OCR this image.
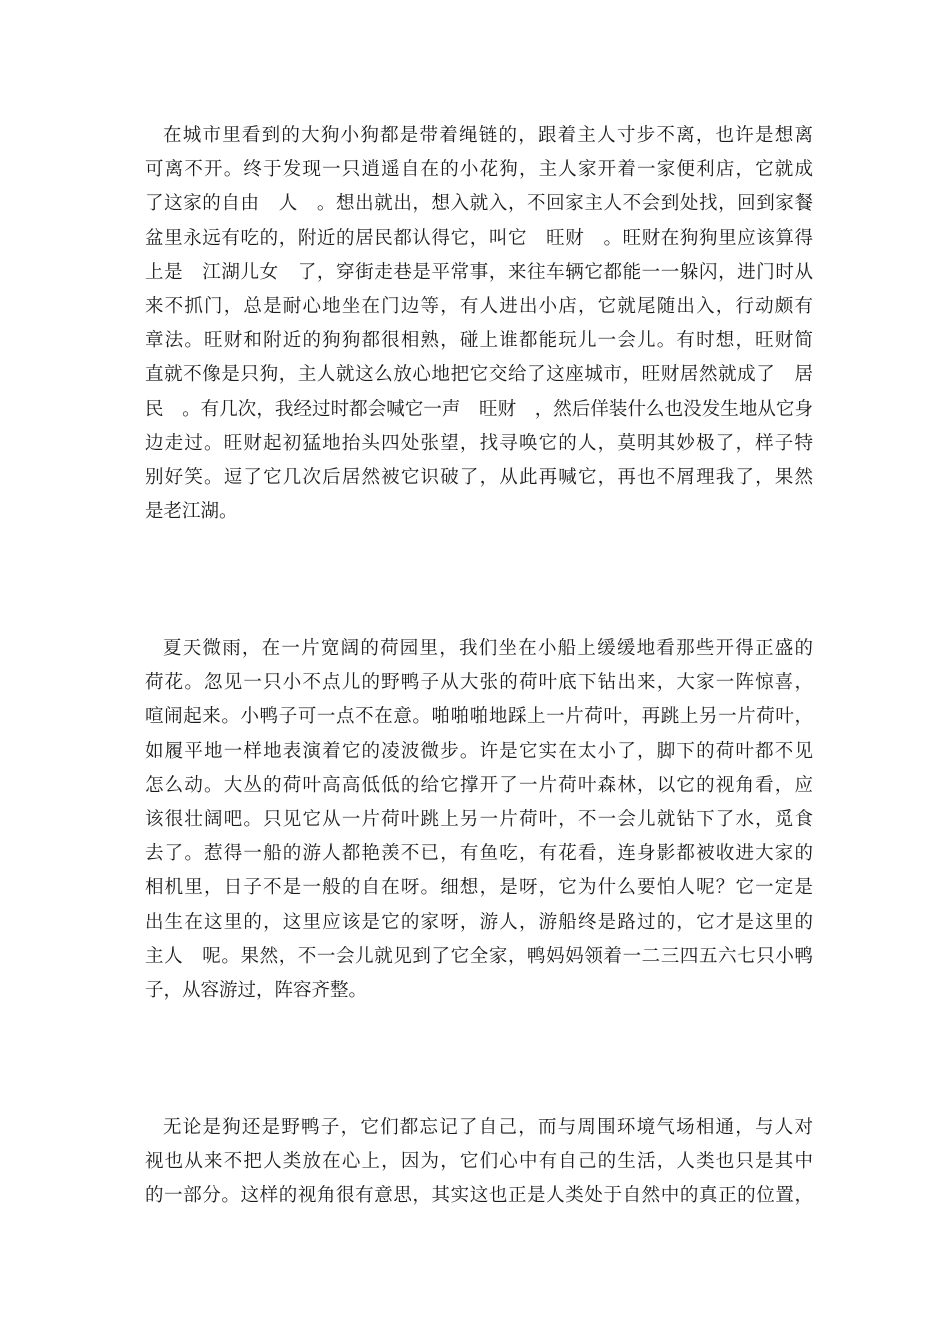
在城市里看到的大狗小狗都是带着绳链的，跟着主人寸步不离，也许是想离
可离不开。终于发现一只逍遥自在的小花狗，主人家开着一家便利店，它就成
了这家的自由　人　。想出就出，想入就入，不回家主人不会到处找，回到家餐
盆里永远有吃的，附近的居民都认得它，叫它　旺财　。旺财在狗狗里应该算得
上是　江湖儿女　了，穿街走巷是平常事，来往车辆它都能一一躲闪，进门时从
来不抓门，总是耐心地坐在门边等，有人进出小店，它就尾随出入，行动颇有
章法。旺财和附近的狗狗都很相熟，碰上谁都能玩儿一会儿。有时想，旺财简
直就不像是只狗，主人就这么放心地把它交给了这座城市，旺财居然就成了　居
民　。有几次，我经过时都会喊它一声　旺财　，然后佯装什么也没发生地从它身
边走过。旺财起初猛地抬头四处张望，找寻唤它的人，莫明其妙极了，样子特
别好笑。逗了它几次后居然被它识破了，从此再喊它，再也不屑理我了，果然
是老江湖。
夏天微雨，在一片宽阔的荷园里，我们坐在小船上缓缓地看那些开得正盛的
荷花。忽见一只小不点儿的野鸭子从大张的荷叶底下钻出来，大家一阵惊喜，
喧闹起来。小鸭子可一点不在意。啪啪啪地踩上一片荷叶，再跳上另一片荷叶，
如履平地一样地表演着它的凌波微步。许是它实在太小了，脚下的荷叶都不见
怎么动。大丛的荷叶高高低低的给它撑开了一片荷叶森林，以它的视角看，应
该很壮阔吧。只见它从一片荷叶跳上另一片荷叶，不一会儿就钻下了水，觅食
去了。惹得一船的游人都艳羡不已，有鱼吃，有花看，连身影都被收进大家的
相机里，日子不是一般的自在呀。细想，是呀，它为什么要怕人呢？它一定是
出生在这里的，这里应该是它的家呀，游人，游船终是路过的，它才是这里的
主人　呢。果然，不一会儿就见到了它全家，鸭妈妈领着一二三四五六七只小鸭
子，从容游过，阵容齐整。
无论是狗还是野鸭子，它们都忘记了自己，而与周围环境气场相通，与人对
视也从来不把人类放在心上，因为，它们心中有自己的生活，人类也只是其中
的一部分。这样的视角很有意思，其实这也正是人类处于自然中的真正的位置，
